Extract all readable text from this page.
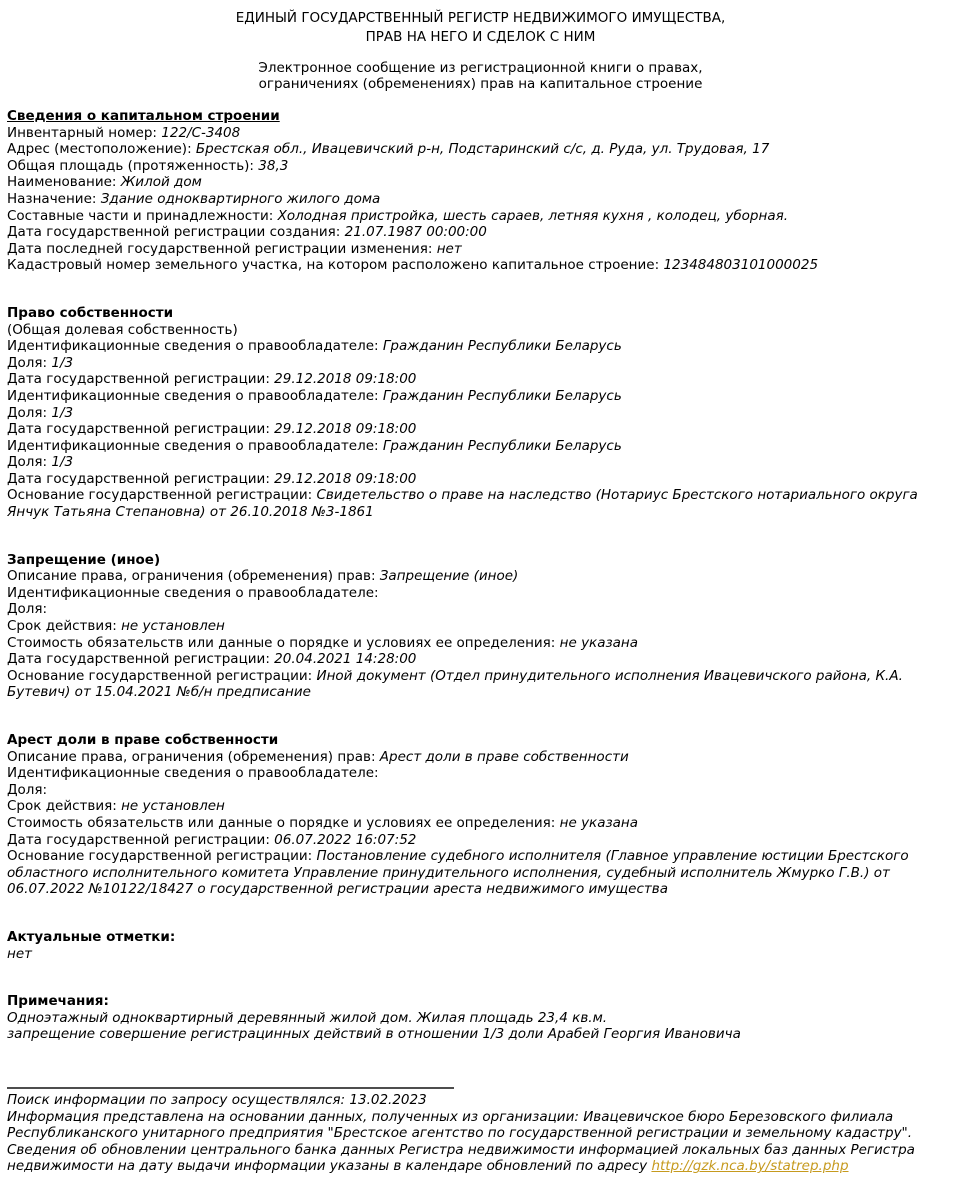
ЕДИНЫЙ ГОСУДАРСТВЕННЫЙ РЕГИСТР НЕДВИЖИМОГО ИМУЩЕСТВА,
ПРАВ НА НЕГО И СДЕЛОК С НИМ
Электронное сообщение из регистрационной книги о правах,
ограничениях (обременениях) прав на капитальное строение
Сведения о капитальном строении
Инвентарный номер: 122/С-3408
Адрес (местоположение): Брестская обл., Ивацевичский р-н, Подстаринский с/с, д. Руда, ул. Трудовая, 17
Общая площадь (протяженность): 38,3
Наименование: Жилой дом
Назначение: Здание одноквартирного жилого дома
Составные части и принадлежности: Холодная пристройка, шесть сараев, летняя кухня , колодец, уборная.
Дата государственной регистрации создания: 21.07.1987 00:00:00
Дата последней государственной регистрации изменения: нет
Кадастровый номер земельного участка, на котором расположено капитальное строение: 123484803101000025
Право собственности
(Общая долевая собственность)
Идентификационные сведения о правообладателе: Гражданин Республики Беларусь
Доля: 1/3
Дата государственной регистрации: 29.12.2018 09:18:00
Идентификационные сведения о правообладателе: Гражданин Республики Беларусь
Доля: 1/3
Дата государственной регистрации: 29.12.2018 09:18:00
Идентификационные сведения о правообладателе: Гражданин Республики Беларусь
Доля: 1/3
Дата государственной регистрации: 29.12.2018 09:18:00
Основание государственной регистрации: Свидетельство о праве на наследство (Нотариус Брестского нотариального округа Янчук Татьяна Степановна) от 26.10.2018 №3-1861
Запрещение (иное)
Описание права, ограничения (обременения) прав: Запрещение (иное)
Идентификационные сведения о правообладателе:
Доля:
Срок действия: не установлен
Стоимость обязательств или данные о порядке и условиях ее определения: не указана
Дата государственной регистрации: 20.04.2021 14:28:00
Основание государственной регистрации: Иной документ (Отдел принудительного исполнения Ивацевичского района, К.А. Бутевич) от 15.04.2021 №б/н предписание
Арест доли в праве собственности
Описание права, ограничения (обременения) прав: Арест доли в праве собственности
Идентификационные сведения о правообладателе:
Доля:
Срок действия: не установлен
Стоимость обязательств или данные о порядке и условиях ее определения: не указана
Дата государственной регистрации: 06.07.2022 16:07:52
Основание государственной регистрации: Постановление судебного исполнителя (Главное управление юстиции Брестского областного исполнительного комитета Управление принудительного исполнения, судебный исполнитель Жмурко Г.В.) от 06.07.2022 №10122/18427 о государственной регистрации ареста недвижимого имущества
Актуальные отметки:
нет
Примечания:
Одноэтажный одноквартирный деревянный жилой дом. Жилая площадь 23,4 кв.м.
запрещение совершение регистрацинных действий в отношении 1/3 доли Арабей Георгия Ивановича
Поиск информации по запросу осуществлялся: 13.02.2023
Информация представлена на основании данных, полученных из организации: Ивацевичское бюро Березовского филиала Республиканского унитарного предприятия "Брестское агентство по государственной регистрации и земельному кадастру".
Сведения об обновлении центрального банка данных Регистра недвижимости информацией локальных баз данных Регистра недвижимости на дату выдачи информации указаны в календаре обновлений по адресу http://gzk.nca.by/statrep.php
